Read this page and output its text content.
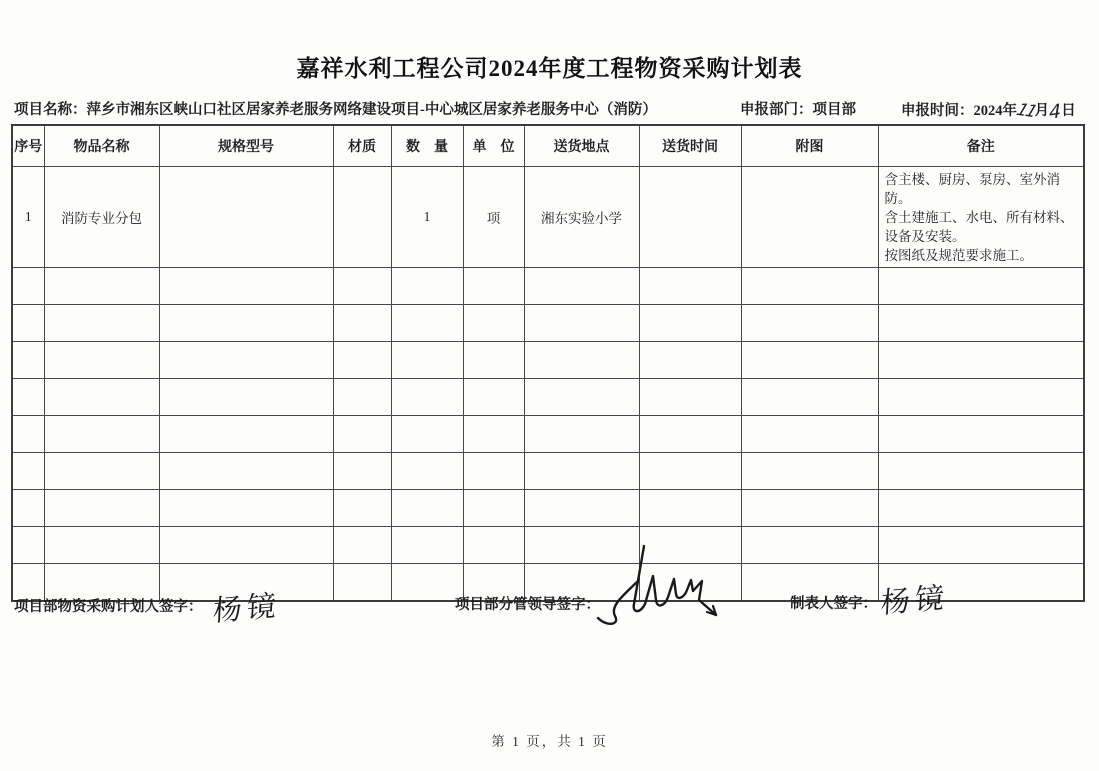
嘉祥水利工程公司2024年度工程物资采购计划表
项目名称：萍乡市湘东区峡山口社区居家养老服务网络建设项目-中心城区居家养老服务中心（消防）	申报部门：项目部	申报时间：2024年11月4日
序号	物品名称	规格型号	材质	数　量	单　位	送货地点	送货时间	附图	备注
1	消防专业分包			1	项	湘东实验小学			含主楼、厨房、泵房、室外消防。
含土建施工、水电、所有材料、设备及安装。
按图纸及规范要求施工。

项目部物资采购计划人签字： 杨镜	项目部分管领导签字：	制表人签字： 杨镜
第 1 页，共 1 页
